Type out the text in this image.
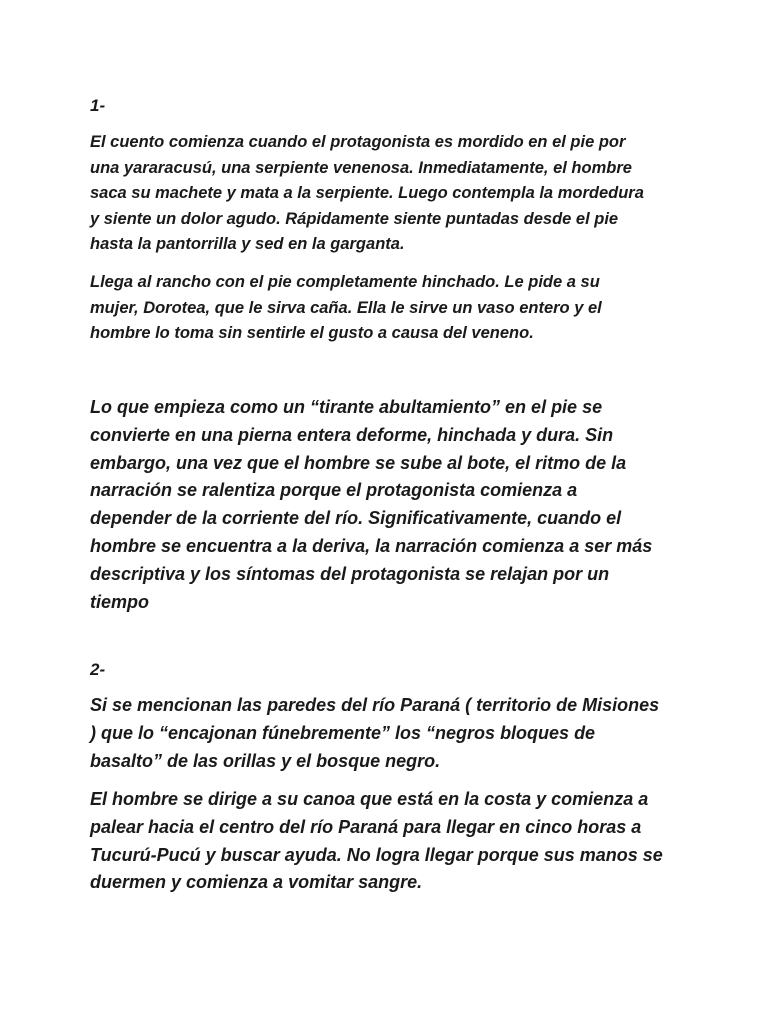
1-

El cuento comienza cuando el protagonista es mordido en el pie por
una yararacusú, una serpiente venenosa. Inmediatamente, el hombre
saca su machete y mata a la serpiente. Luego contempla la mordedura
y siente un dolor agudo. Rápidamente siente puntadas desde el pie
hasta la pantorrilla y sed en la garganta.

Llega al rancho con el pie completamente hinchado. Le pide a su
mujer, Dorotea, que le sirva caña. Ella le sirve un vaso entero y el
hombre lo toma sin sentirle el gusto a causa del veneno.

Lo que empieza como un “tirante abultamiento” en el pie se
convierte en una pierna entera deforme, hinchada y dura. Sin
embargo, una vez que el hombre se sube al bote, el ritmo de la
narración se ralentiza porque el protagonista comienza a
depender de la corriente del río. Significativamente, cuando el
hombre se encuentra a la deriva, la narración comienza a ser más
descriptiva y los síntomas del protagonista se relajan por un
tiempo

2-

Si se mencionan las paredes del río Paraná ( territorio de Misiones
) que lo “encajonan fúnebremente” los “negros bloques de
basalto” de las orillas y el bosque negro.

El hombre se dirige a su canoa que está en la costa y comienza a
palear hacia el centro del río Paraná para llegar en cinco horas a
Tucurú-Pucú y buscar ayuda. No logra llegar porque sus manos se
duermen y comienza a vomitar sangre.
